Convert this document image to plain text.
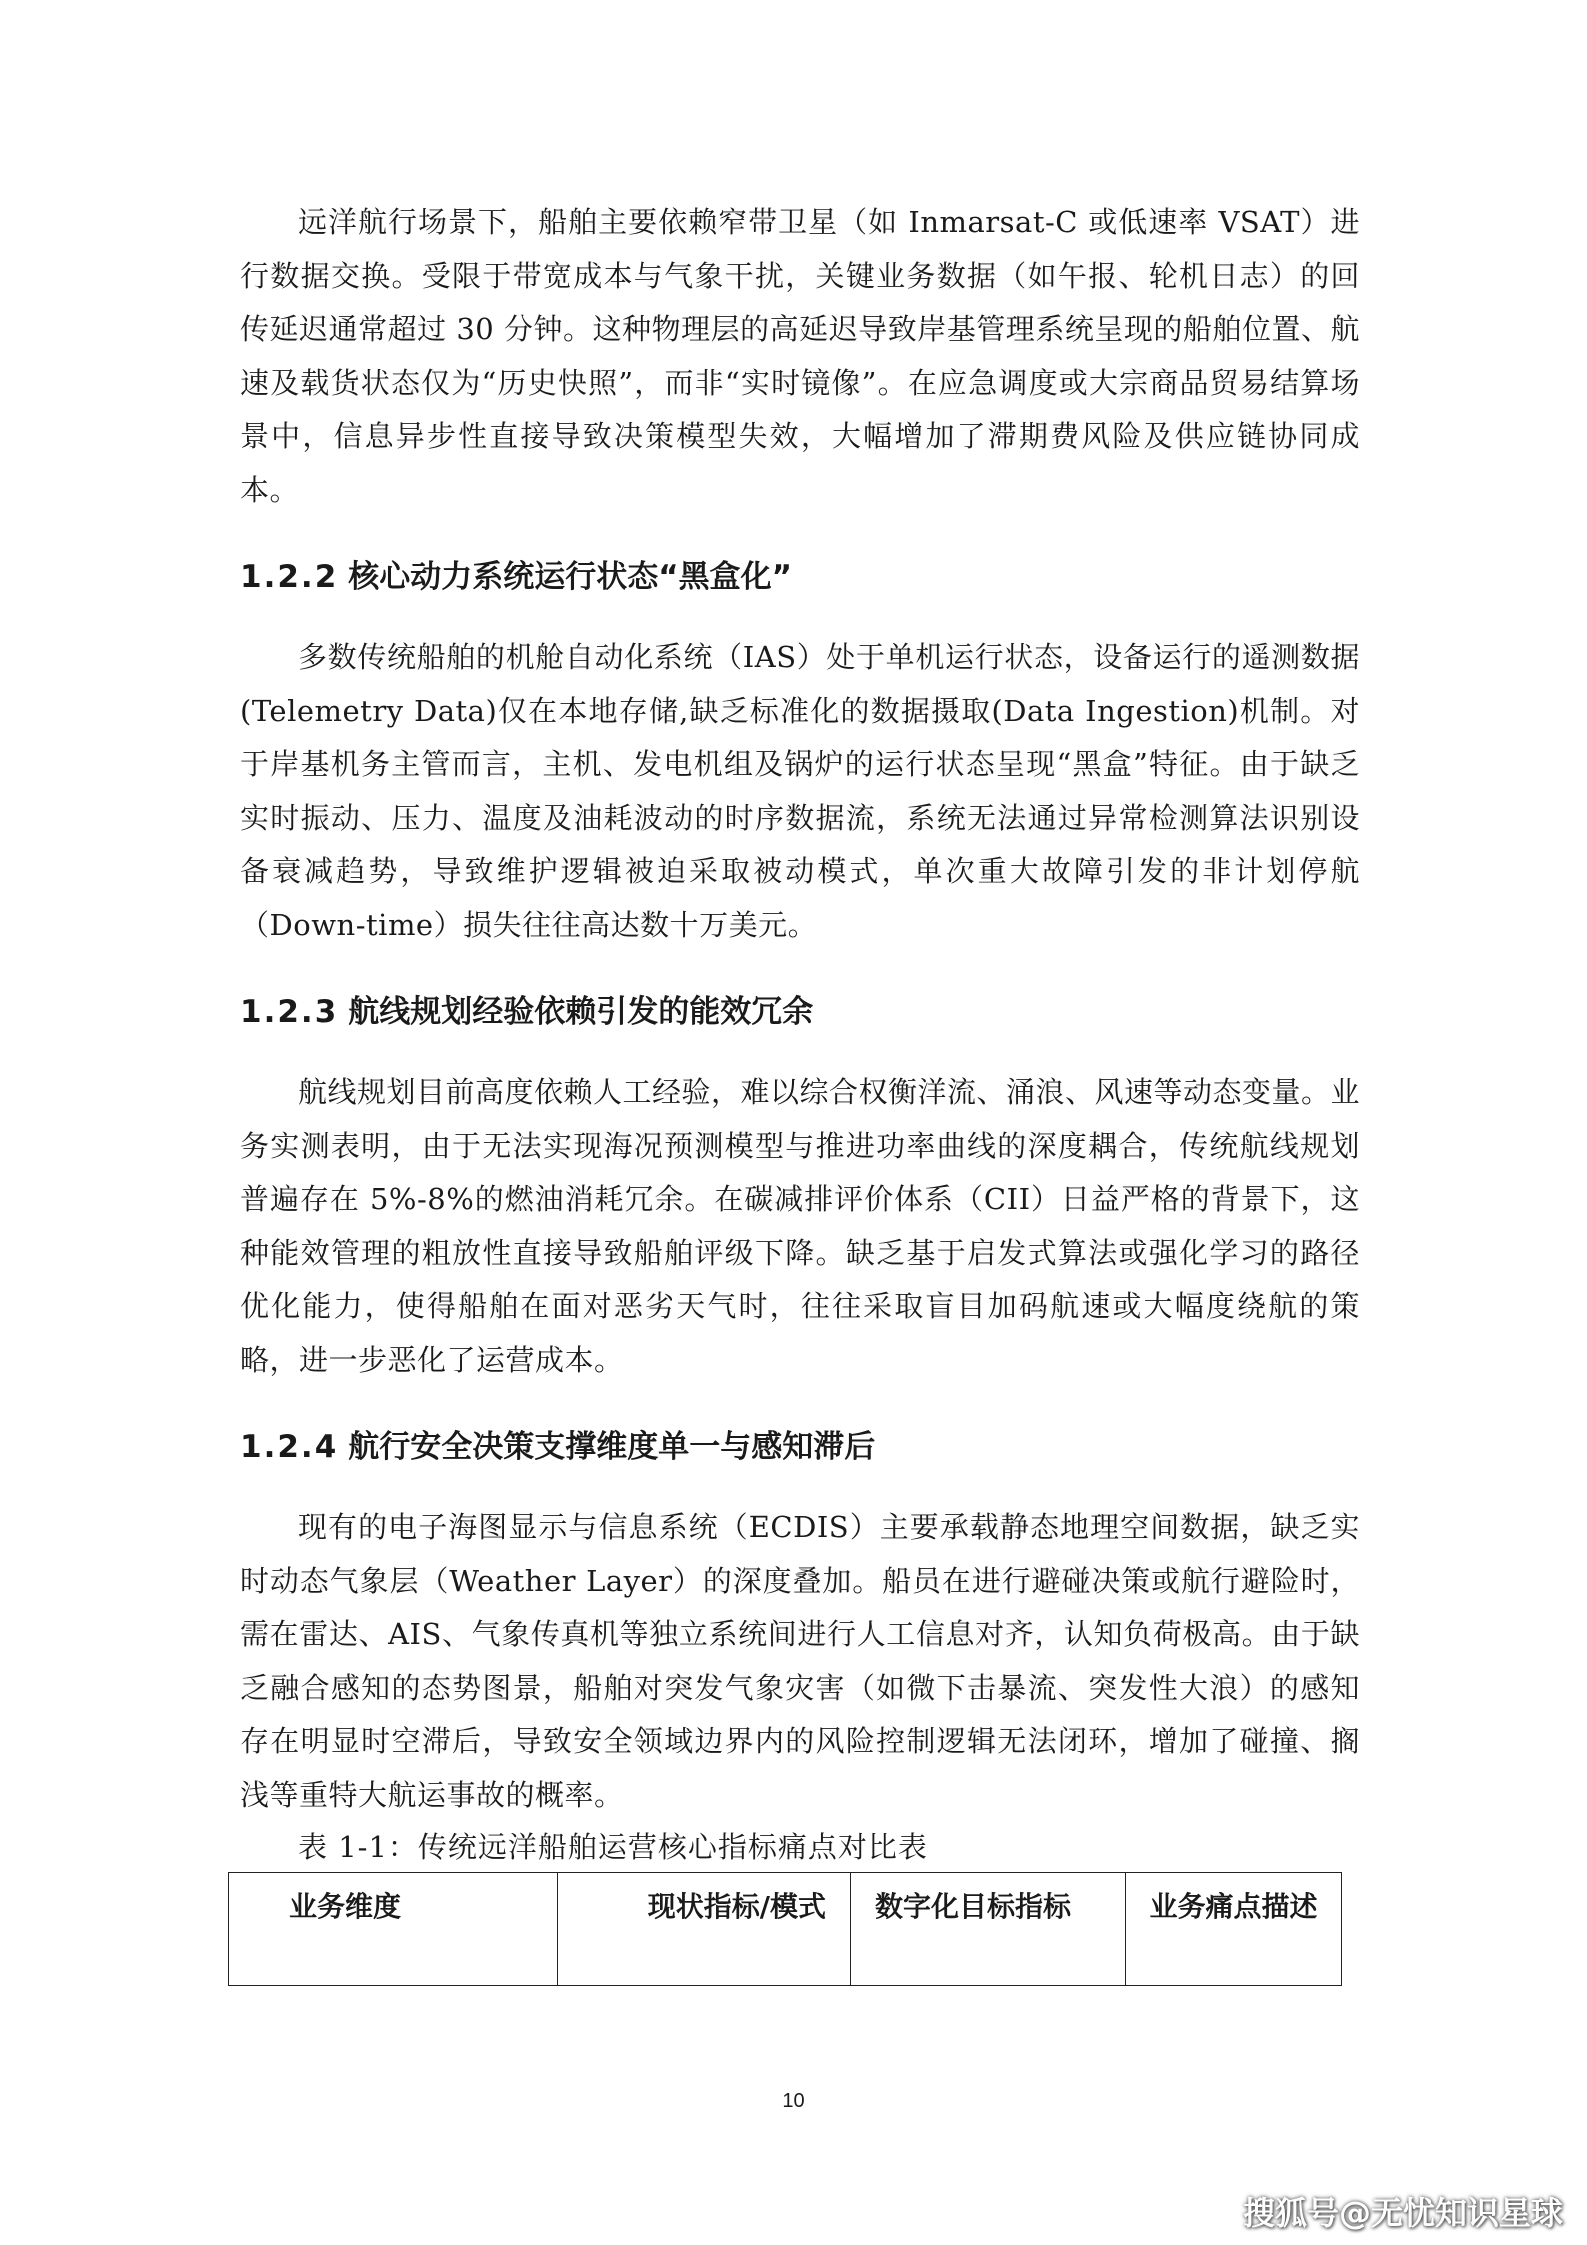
远洋航行场景下，船舶主要依赖窄带卫星（如 Inmarsat-C 或低速率 VSAT）进行数据交换。受限于带宽成本与气象干扰，关键业务数据（如午报、轮机日志）的回传延迟通常超过 30 分钟。这种物理层的高延迟导致岸基管理系统呈现的船舶位置、航速及载货状态仅为“历史快照”，而非“实时镜像”。在应急调度或大宗商品贸易结算场景中，信息异步性直接导致决策模型失效，大幅增加了滞期费风险及供应链协同成本。

1.2.2 核心动力系统运行状态“黑盒化”

多数传统船舶的机舱自动化系统（IAS）处于单机运行状态，设备运行的遥测数据(Telemetry Data)仅在本地存储,缺乏标准化的数据摄取(Data Ingestion)机制。对于岸基机务主管而言，主机、发电机组及锅炉的运行状态呈现“黑盒”特征。由于缺乏实时振动、压力、温度及油耗波动的时序数据流，系统无法通过异常检测算法识别设备衰减趋势，导致维护逻辑被迫采取被动模式，单次重大故障引发的非计划停航（Down-time）损失往往高达数十万美元。

1.2.3 航线规划经验依赖引发的能效冗余

航线规划目前高度依赖人工经验，难以综合权衡洋流、涌浪、风速等动态变量。业务实测表明，由于无法实现海况预测模型与推进功率曲线的深度耦合，传统航线规划普遍存在 5%-8%的燃油消耗冗余。在碳减排评价体系（CII）日益严格的背景下，这种能效管理的粗放性直接导致船舶评级下降。缺乏基于启发式算法或强化学习的路径优化能力，使得船舶在面对恶劣天气时，往往采取盲目加码航速或大幅度绕航的策略，进一步恶化了运营成本。

1.2.4 航行安全决策支撑维度单一与感知滞后

现有的电子海图显示与信息系统（ECDIS）主要承载静态地理空间数据，缺乏实时动态气象层（Weather Layer）的深度叠加。船员在进行避碰决策或航行避险时，需在雷达、AIS、气象传真机等独立系统间进行人工信息对齐，认知负荷极高。由于缺乏融合感知的态势图景，船舶对突发气象灾害（如微下击暴流、突发性大浪）的感知存在明显时空滞后，导致安全领域边界内的风险控制逻辑无法闭环，增加了碰撞、搁浅等重特大航运事故的概率。

表 1-1：传统远洋船舶运营核心指标痛点对比表

业务维度	现状指标/模式	数字化目标指标	业务痛点描述
10
搜狐号@无忧知识星球
